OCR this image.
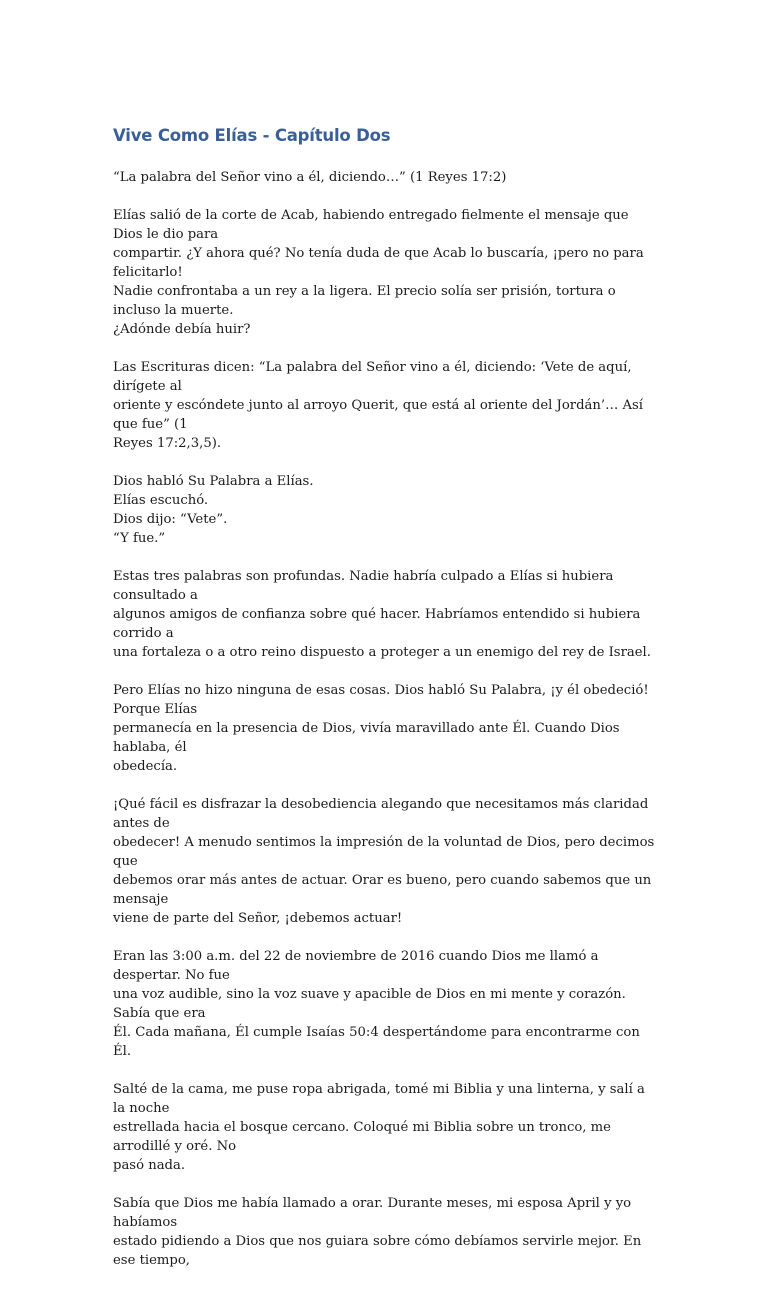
Vive Como Elías - Capítulo Dos

“La palabra del Señor vino a él, diciendo…” (1 Reyes 17:2)

Elías salió de la corte de Acab, habiendo entregado fielmente el mensaje que Dios le dio para
compartir. ¿Y ahora qué? No tenía duda de que Acab lo buscaría, ¡pero no para felicitarlo!
Nadie confrontaba a un rey a la ligera. El precio solía ser prisión, tortura o incluso la muerte.
¿Adónde debía huir?

Las Escrituras dicen: “La palabra del Señor vino a él, diciendo: ‘Vete de aquí, dirígete al
oriente y escóndete junto al arroyo Querit, que está al oriente del Jordán’… Así que fue” (1
Reyes 17:2,3,5).

Dios habló Su Palabra a Elías.
Elías escuchó.
Dios dijo: “Vete”.
“Y fue.”

Estas tres palabras son profundas. Nadie habría culpado a Elías si hubiera consultado a
algunos amigos de confianza sobre qué hacer. Habríamos entendido si hubiera corrido a
una fortaleza o a otro reino dispuesto a proteger a un enemigo del rey de Israel.

Pero Elías no hizo ninguna de esas cosas. Dios habló Su Palabra, ¡y él obedeció! Porque Elías
permanecía en la presencia de Dios, vivía maravillado ante Él. Cuando Dios hablaba, él
obedecía.

¡Qué fácil es disfrazar la desobediencia alegando que necesitamos más claridad antes de
obedecer! A menudo sentimos la impresión de la voluntad de Dios, pero decimos que
debemos orar más antes de actuar. Orar es bueno, pero cuando sabemos que un mensaje
viene de parte del Señor, ¡debemos actuar!

Eran las 3:00 a.m. del 22 de noviembre de 2016 cuando Dios me llamó a despertar. No fue
una voz audible, sino la voz suave y apacible de Dios en mi mente y corazón. Sabía que era
Él. Cada mañana, Él cumple Isaías 50:4 despertándome para encontrarme con Él.

Salté de la cama, me puse ropa abrigada, tomé mi Biblia y una linterna, y salí a la noche
estrellada hacia el bosque cercano. Coloqué mi Biblia sobre un tronco, me arrodillé y oré. No
pasó nada.

Sabía que Dios me había llamado a orar. Durante meses, mi esposa April y yo habíamos
estado pidiendo a Dios que nos guiara sobre cómo debíamos servirle mejor. En ese tiempo,
